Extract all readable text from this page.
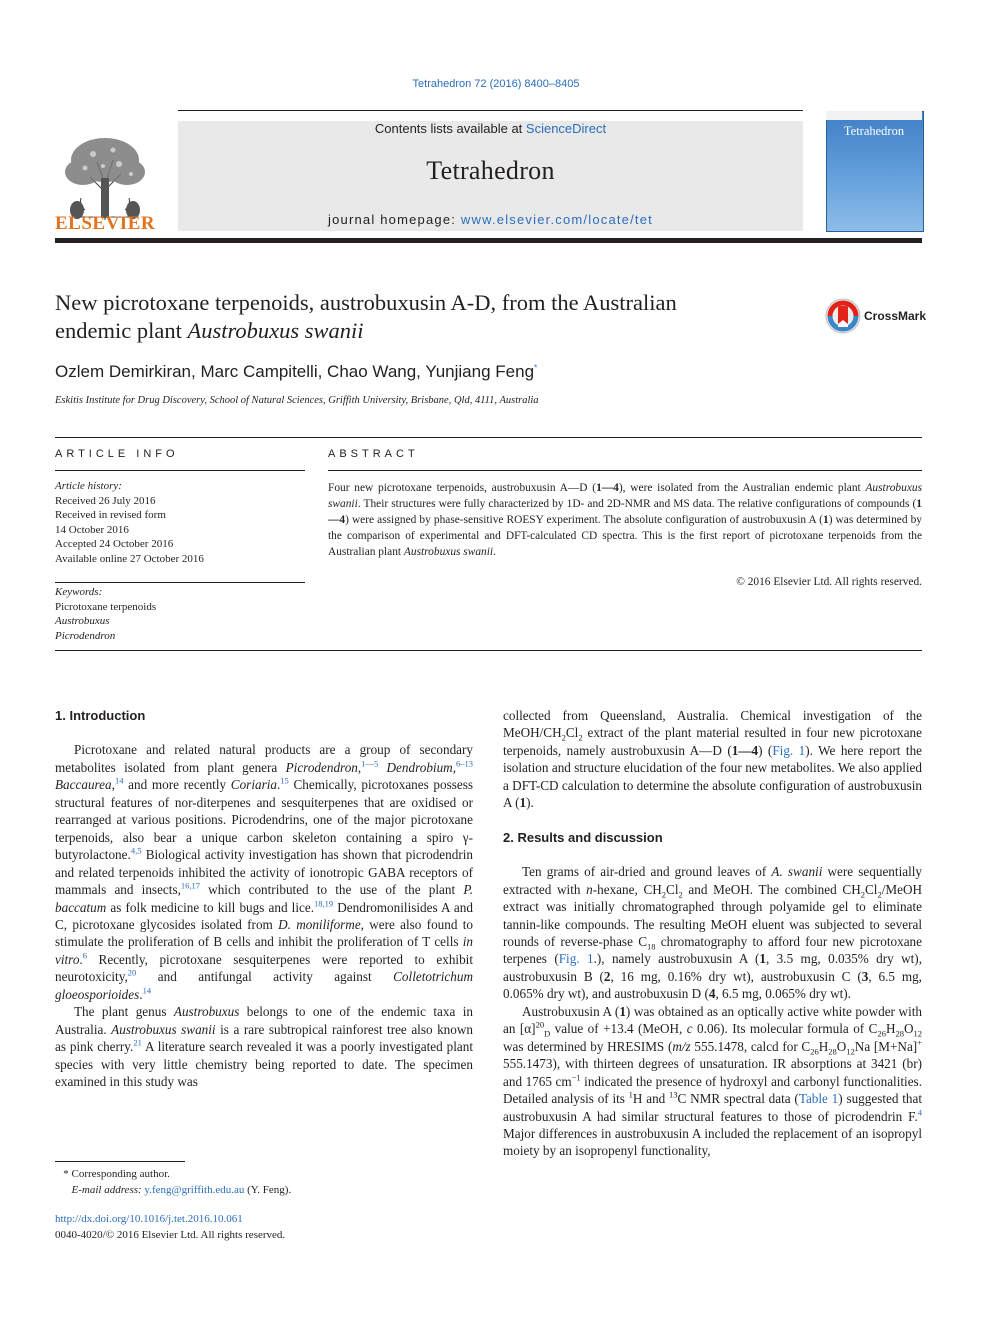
Tetrahedron 72 (2016) 8400–8405
Contents lists available at ScienceDirect
Tetrahedron
journal homepage: www.elsevier.com/locate/tet
ELSEVIER
Tetrahedron
New picrotoxane terpenoids, austrobuxusin A-D, from the Australian
endemic plant Austrobuxus swanii
CrossMark
Ozlem Demirkiran, Marc Campitelli, Chao Wang, Yunjiang Feng*
Eskitis Institute for Drug Discovery, School of Natural Sciences, Griffith University, Brisbane, Qld, 4111, Australia
ARTICLE INFO	ABSTRACT
Article history:
Received 26 July 2016
Received in revised form
14 October 2016
Accepted 24 October 2016
Available online 27 October 2016
Keywords:
Picrotoxane terpenoids
Austrobuxus
Picrodendron
Four new picrotoxane terpenoids, austrobuxusin A—D (1—4), were isolated from the Australian endemic plant Austrobuxus swanii. Their structures were fully characterized by 1D- and 2D-NMR and MS data. The relative configurations of compounds (1—4) were assigned by phase-sensitive ROESY experiment. The absolute configuration of austrobuxusin A (1) was determined by the comparison of experimental and DFT-calculated CD spectra. This is the first report of picrotoxane terpenoids from the Australian plant Austrobuxus swanii.
© 2016 Elsevier Ltd. All rights reserved.
1. Introduction

Picrotoxane and related natural products are a group of secondary metabolites isolated from plant genera Picrodendron,$^{1—5}$ Dendrobium,$^{6-13}$ Baccaurea,$^{14}$ and more recently Coriaria.$^{15}$ Chemically, picrotoxanes possess structural features of nor-diterpenes and sesquiterpenes that are oxidised or rearranged at various positions. Picrodendrins, one of the major picrotoxane terpenoids, also bear a unique carbon skeleton containing a spiro γ-butyrolactone.$^{4,5}$ Biological activity investigation has shown that picrodendrin and related terpenoids inhibited the activity of ionotropic GABA receptors of mammals and insects,$^{16,17}$ which contributed to the use of the plant P. baccatum as folk medicine to kill bugs and lice.$^{18,19}$ Dendromonilisides A and C, picrotoxane glycosides isolated from D. moniliforme, were also found to stimulate the proliferation of B cells and inhibit the proliferation of T cells in vitro.$^6$ Recently, picrotoxane sesquiterpenes were reported to exhibit neurotoxicity,$^{20}$ and antifungal activity against Colletotrichum gloeosporioides.$^{14}$

The plant genus Austrobuxus belongs to one of the endemic taxa in Australia. Austrobuxus swanii is a rare subtropical rainforest tree also known as pink cherry.$^{21}$ A literature search revealed it was a poorly investigated plant species with very little chemistry being reported to date. The specimen examined in this study was

collected from Queensland, Australia. Chemical investigation of the MeOH/$CH_2Cl_2$ extract of the plant material resulted in four new picrotoxane terpenoids, namely austrobuxusin A—D (1—4) (Fig. 1). We here report the isolation and structure elucidation of the four new metabolites. We also applied a DFT-CD calculation to determine the absolute configuration of austrobuxusin A (1).

2. Results and discussion

Ten grams of air-dried and ground leaves of A. swanii were sequentially extracted with n-hexane, $CH_2Cl_2$ and MeOH. The combined $CH_2Cl_2$/MeOH extract was initially chromatographed through polyamide gel to eliminate tannin-like compounds. The resulting MeOH eluent was subjected to several rounds of reverse-phase $C_{18}$ chromatography to afford four new picrotoxane terpenes (Fig. 1.), namely austrobuxusin A (1, 3.5 mg, 0.035% dry wt), austrobuxusin B (2, 16 mg, 0.16% dry wt), austrobuxusin C (3, 6.5 mg, 0.065% dry wt), and austrobuxusin D (4, 6.5 mg, 0.065% dry wt).

Austrobuxusin A (1) was obtained as an optically active white powder with an $[\alpha]^{20}_D$ value of +13.4 (MeOH, c 0.06). Its molecular formula of $C_{26}H_{28}O_{12}$ was determined by HRESIMS (m/z 555.1478, calcd for $C_{26}H_{28}O_{12}Na$ [M+Na]+ 555.1473), with thirteen degrees of unsaturation. IR absorptions at 3421 (br) and 1765 $cm^{-1}$ indicated the presence of hydroxyl and carbonyl functionalities. Detailed analysis of its $^1$H and $^{13}$C NMR spectral data (Table 1) suggested that austrobuxusin A had similar structural features to those of picrodendrin F.$^4$ Major differences in austrobuxusin A included the replacement of an isopropyl moiety by an isopropenyl functionality,

* Corresponding author.
E-mail address: y.feng@griffith.edu.au (Y. Feng).
http://dx.doi.org/10.1016/j.tet.2016.10.061
0040-4020/© 2016 Elsevier Ltd. All rights reserved.
